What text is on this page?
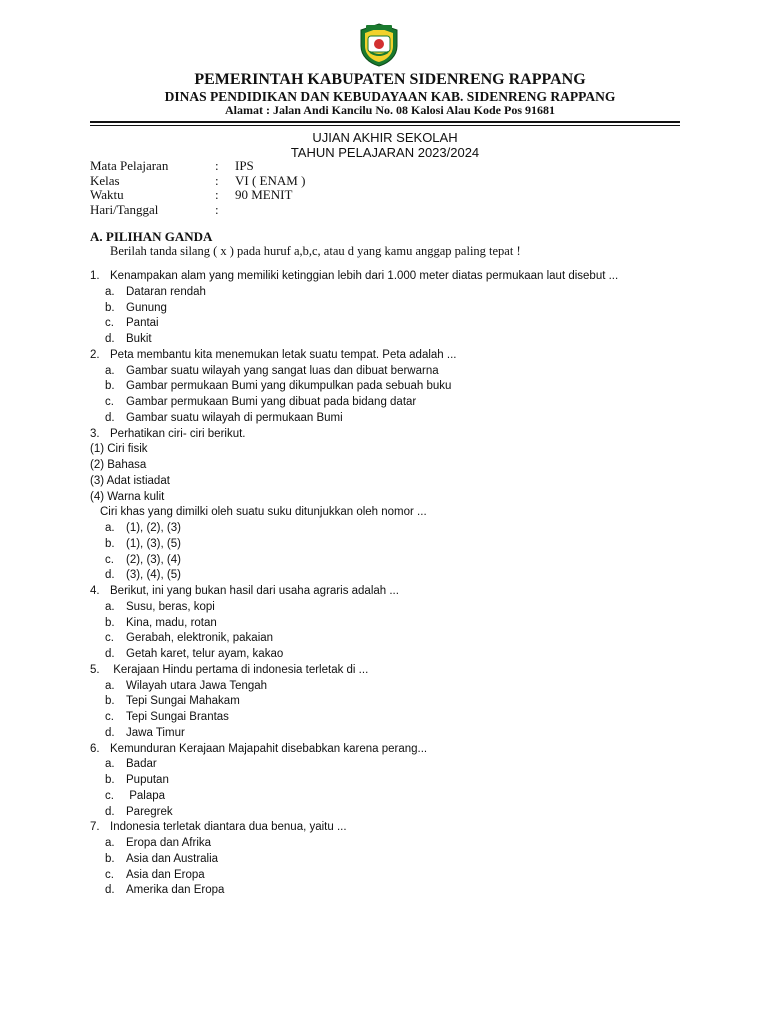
PEMERINTAH KABUPATEN SIDENRENG RAPPANG
DINAS PENDIDIKAN DAN KEBUDAYAAN KAB. SIDENRENG RAPPANG
Alamat : Jalan Andi Kancilu No. 08 Kalosi Alau Kode Pos 91681
UJIAN AKHIR SEKOLAH
TAHUN PELAJARAN 2023/2024
Mata Pelajaran	:	IPS
Kelas	:	VI ( ENAM )
Waktu	:	90 MENIT
Hari/Tanggal	:
A. PILIHAN GANDA
Berilah tanda silang ( x ) pada huruf a,b,c, atau d yang kamu anggap paling tepat !
1. Kenampakan alam yang memiliki ketinggian lebih dari 1.000 meter diatas permukaan laut disebut ...
a. Dataran rendah
b. Gunung
c. Pantai
d. Bukit
2. Peta membantu kita menemukan letak suatu tempat. Peta adalah ...
a. Gambar suatu wilayah yang sangat luas dan dibuat berwarna
b. Gambar permukaan Bumi yang dikumpulkan pada sebuah buku
c. Gambar permukaan Bumi yang dibuat pada bidang datar
d. Gambar suatu wilayah di permukaan Bumi
3. Perhatikan ciri- ciri berikut.
(1) Ciri fisik
(2) Bahasa
(3) Adat istiadat
(4) Warna kulit
Ciri khas yang dimilki oleh suatu suku ditunjukkan oleh nomor ...
a. (1), (2), (3)
b. (1), (3), (5)
c. (2), (3), (4)
d. (3), (4), (5)
4. Berikut, ini yang bukan hasil dari usaha agraris adalah ...
a. Susu, beras, kopi
b. Kina, madu, rotan
c. Gerabah, elektronik, pakaian
d. Getah karet, telur ayam, kakao
5. Kerajaan Hindu pertama di indonesia terletak di ...
a. Wilayah utara Jawa Tengah
b. Tepi Sungai Mahakam
c. Tepi Sungai Brantas
d. Jawa Timur
6. Kemunduran Kerajaan Majapahit disebabkan karena perang...
a. Badar
b. Puputan
c. Palapa
d. Paregrek
7. Indonesia terletak diantara dua benua, yaitu ...
a. Eropa dan Afrika
b. Asia dan Australia
c. Asia dan Eropa
d. Amerika dan Eropa
